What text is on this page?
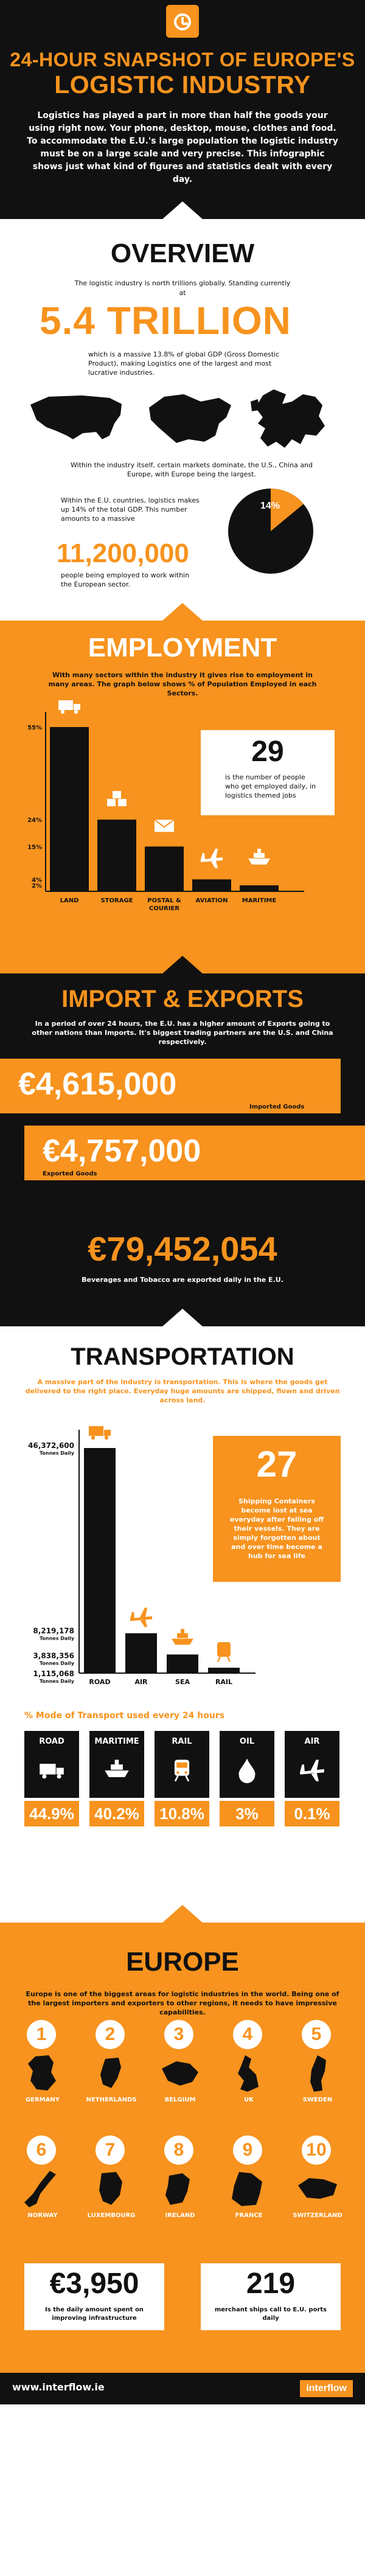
24-HOUR SNAPSHOT OF EUROPE'S
LOGISTIC INDUSTRY

Logistics has played a part in more than half the goods your using right now. Your phone, desktop, mouse, clothes and food. To accommodate the E.U.'s large population the logistic industry must be on a large scale and very precise. This infographic shows just what kind of figures and statistics dealt with every day.

OVERVIEW

The logistic industry is north trillions globally. Standing currently at

5.4 TRILLION

which is a massive 13.8% of global GDP (Gross Domestic Product), making Logistics one of the largest and most lucrative industries.

Within the industry itself, certain markets dominate, the U.S., China and Europe, with Europe being the largest.

Within the E.U. countries, logistics makes up 14% of the total GDP. This number amounts to a massive

11,200,000

people being employed to work within the European sector.

14%
EMPLOYMENT

With many sectors within the industry it gives rise to employment in many areas. The graph below shows % of Population Employed in each Sectors.

55%
LAND
24%
STORAGE
15%
POSTAL &
COURIER
4%
AVIATION
2%
MARITIME
29

is the number of people who get employed daily, in logistics themed jobs

IMPORT & EXPORTS

In a period of over 24 hours, the E.U. has a higher amount of Exports going to other nations than Imports. It's biggest trading partners are the U.S. and China respectively.

€4,615,000
Imported Goods
€4,757,000
Exported Goods
€79,452,054

Beverages and Tobacco are exported daily in the E.U.

TRANSPORTATION

A massive part of the industry is transportation. This is where the goods get delivered to the right place. Everyday huge amounts are shipped, flown and driven across land.

46,372,600
Tonnes Daily
ROAD
8,219,178
Tonnes Daily
AIR
3,838,356
Tonnes Daily
SEA
1,115,068
Tonnes Daily	RAIL
27

Shipping Containers become lost at sea everyday after falling off their vessels. They are simply forgotten about and over time become a hub for sea life

% Mode of Transport used every 24 hours
ROAD
44.9%
MARITIME
40.2%
RAIL
10.8%
OIL
3%
AIR
0.1%
EUROPE

Europe is one of the biggest areas for logistic industries in the world. Being one of the largest importers and exporters to other regions, it needs to have impressive capabilities.

1
GERMANY
2
NETHERLANDS
3
BELGIUM
4
UK
5
SWEDEN
6
NORWAY
7
LUXEMBOURG
8
IRELAND
9
FRANCE
10
SWITZERLAND
€3,950

Is the daily amount spent on improving infrastructure

219

merchant ships call to E.U. ports daily

www.interflow.ie	interflow
